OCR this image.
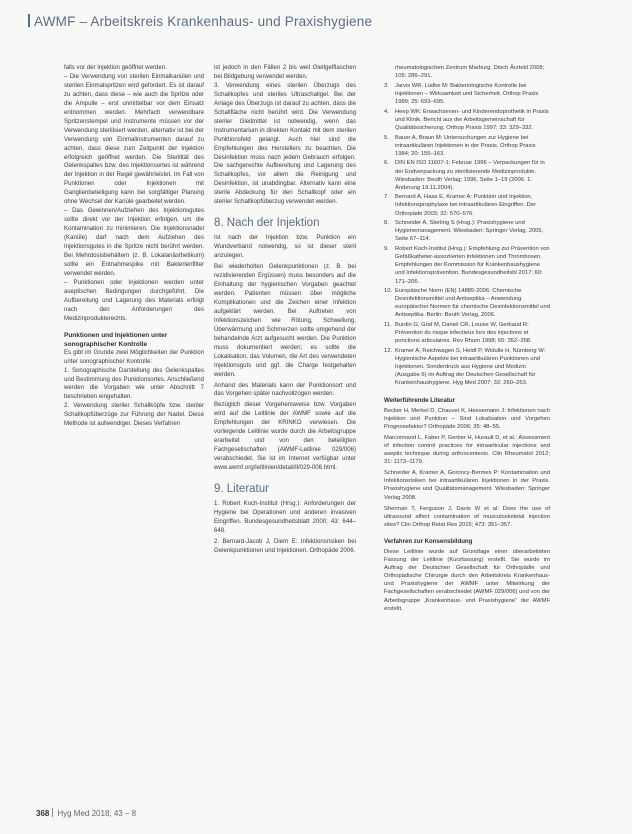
AWMF – Arbeitskreis Krankenhaus- und Praxishygiene

falls vor der Injektion geöffnet werden.

– Die Verwendung von sterilen Einmalkanülen und sterilen Einmalspritzen wird gefordert. Es ist darauf zu achten, dass diese – wie auch die Spritze oder die Ampulle – erst unmittelbar vor dem Einsatz entnommen werden. Mehrfach verwendbare Spritzenstempel und Instrumente müssen vor der Verwendung sterilisiert werden, alternativ ist bei der Verwendung von Einmalinstrumenten darauf zu achten, dass diese zum Zeitpunkt der Injektion erfolgreich geöffnet werden. Die Sterilität des Gelenkspaltes bzw. des Injektionsortes ist während der Injektion in der Regel gewährleistet. Im Fall von Punktionen oder Injektionen mit Ganglienbeteiligung kann bei sorgfältiger Planung ohne Wechsel der Kanüle gearbeitet werden.

– Das Gewinnen/Aufziehen des Injektionsgutes sollte direkt vor der Injektion erfolgen, um die Kontamination zu minimieren. Die Injektionsnadel (Kanüle) darf nach dem Aufziehen des Injektionsgutes in die Spritze nicht berührt werden. Bei Mehrdosisbehältern (z. B. Lokalanästhetikum) sollte ein Entnahmespike mit Bakterienfilter verwendet werden.

– Punktionen oder Injektionen werden unter aseptischen Bedingungen durchgeführt. Die Aufbereitung und Lagerung des Materials erfolgt nach den Anforderungen des Medizinprodukterechts.

Punktionen und Injektionen unter sonographischer Kontrolle

Es gibt im Grunde zwei Möglichkeiten der Punktion unter sonographischer Kontrolle:

1. Sonographische Darstellung des Gelenkspaltes und Bestimmung des Punktionsortes. Anschließend werden die Vorgaben wie unter Abschnitt 7 beschrieben eingehalten.

2. Verwendung steriler Schallköpfe bzw. steriler Schallkopfüberzüge zur Führung der Nadel. Diese Methode ist aufwendiger. Dieses Verfahren

ist jedoch in den Fällen 2 bis weil Gleitgelflaschen bei Bildgebung verwendet werden.

3. Verwendung eines sterilen Überzugs des Schallkopfes und steriles Ultraschallgel. Bei der Anlage des Überzugs ist darauf zu achten, dass die Schallfläche nicht berührt wird. Die Verwendung steriler Gleitmittel ist notwendig, wenn das Instrumentarium in direkten Kontakt mit dem sterilen Punktionsfeld gelangt. Auch hier sind die Empfehlungen des Herstellers zu beachten. Die Desinfektion muss nach jedem Gebrauch erfolgen. Die sachgerechte Aufbereitung und Lagerung des Schallkopfes, vor allem die Reinigung und Desinfektion, ist unabdingbar. Alternativ kann eine sterile Abdeckung für den Schallkopf oder ein steriler Schallkopfüberzug verwendet werden.

8. Nach der Injektion

Ist nach der Injektion bzw. Punktion ein Wundverband notwendig, so ist dieser steril anzulegen.

Bei wiederholten Gelenkpunktionen (z. B. bei rezidivierenden Ergüssen) muss besonders auf die Einhaltung der hygienischen Vorgaben geachtet werden. Patienten müssen über mögliche Komplikationen und die Zeichen einer Infektion aufgeklärt werden. Bei Auftreten von Infektionszeichen wie Rötung, Schwellung, Überwärmung und Schmerzen sollte umgehend der behandelnde Arzt aufgesucht werden. Die Punktion muss dokumentiert werden; es sollte die Lokalisation, das Volumen, die Art des verwendeten Injektionsguts und ggf. die Charge festgehalten werden.

Anhand des Materials kann der Punktionsort und das Vorgehen später nachvollzogen werden.

Bezüglich dieser Vorgehensweise bzw. Vorgaben wird auf die Leitlinie der AWMF sowie auf die Empfehlungen der KRINKO verwiesen. Die vorliegende Leitlinie wurde durch die Arbeitsgruppe erarbeitet und von den beteiligten Fachgesellschaften (AWMF-Leitlinie 029/006) verabschiedet. Sie ist im Internet verfügbar unter www.awmf.org/leitlinien/detail/ll/029-006.html.

9. Literatur

1. Robert Koch-Institut (Hrsg.): Anforderungen der Hygiene bei Operationen und anderen invasiven Eingriffen. Bundesgesundheitsblatt 2000; 43: 644–648.

2. Bernard-Jacob J, Diem E: Infektionsrisiken bei Gelenkpunktionen und Injektionen. Orthopäde 2006.

rheumatologischen Zentrum Marburg. Dtsch Ärztebl 2008; 105: 286–291.
3.	Jarvis WR, Lüdke M: Bakteriologische Kontrolle bei Injektionen – Wirksamkeit und Sicherheit. Orthop Praxis 1989; 25: 693–695.
4.	Heep WK: Erwachsenen- und Kinderendoprothetik in Praxis und Klinik. Bericht aus der Arbeitsgemeinschaft für Qualitätssicherung. Orthop Praxis 1997; 33: 329–332.
5.	Bauer A, Braun M: Untersuchungen zur Hygiene bei intraartikulären Injektionen in der Praxis. Orthop Praxis 1984; 20: 155–163.
6.	DIN EN ISO 11607-1: Februar 1996 – Verpackungen für in der Endverpackung zu sterilisierende Medizinprodukte. Wiesbaden: Beuth Verlag; 1996, Seite 1–19 (2006. 1. Änderung 19.11.2004).
7.	Bernard A, Haas E, Kramer A: Punktion und Injektion, Infektionsprophylaxe bei intraartikulären Eingriffen. Der Orthopäde 2003; 32: 570–576.
8.	Schneider A, Sterling S (Hrsg.): Praxishygiene und Hygienemanagement. Wiesbaden: Springer Verlag, 2005, Seite 67–114.
9.	Robert Koch-Institut (Hrsg.): Empfehlung zur Prävention von Gefäßkatheter-assoziierten Infektionen und Thrombosen. Empfehlungen der Kommission für Krankenhaushygiene und Infektionsprävention. Bundesgesundheitsbl 2017; 60: 171–206.
10. Europäische Norm (EN) 14885-2006: Chemische Desinfektionsmittel und Antiseptika – Anwendung europäischer Normen für chemische Desinfektionsmittel und Antiseptika. Berlin: Beuth Verlag, 2006.
11. Burdin G, Graf M, Daniel CR, Louise W, Gerbaud R: Prévention du risque infectieux lors des injections et ponctions articulaires. Rev Rhum 1998; 65: 352–358.
12. Kramer A, Reichwagen S, Heldt P, Widulle H, Nürnberg W: Hygienische Aspekte bei intraartikulären Punktionen und Injektionen. Sonderdruck aus Hygiene und Medizin (Ausgabe 6) im Auftrag der Deutschen Gesellschaft für Krankenhaushygiene. Hyg Med 2007; 32: 260–263.
Weiterführende Literatur

Becker H, Merkel D, Chauvet K, Heesemann J: Infektionen nach Injektion und Punktion – Sind Lokalisation und Vorgehen Prognosefaktor? Orthopäde 2006; 35: 48–55.

Marconnand L, Faber P, Gerber H, Hurault D, et al.: Assessment of infection control practices for intraarticular injections and aseptic technique during arthrocentesis. Clin Rheumatol 2012; 31: 1173–1179.

Schneider A, Kramer A, Goroncy-Bermes P: Kontamination und Infektionsrisiken bei intraartikulären Injektionen in der Praxis. Praxishygiene und Qualitätsmanagement. Wiesbaden: Springer Verlag 2008.

Sherman T, Ferguson J, Davis W et al: Does the use of ultrasound affect contamination of musculoskeletal injection sites? Clin Orthop Relat Res 2015; 473: 351–357.

Verfahren zur Konsensbildung

Diese Leitlinie wurde auf Grundlage einer überarbeiteten Fassung der Leitlinie (Kurzfassung) erstellt. Sie wurde im Auftrag der Deutschen Gesellschaft für Orthopädie und Orthopädische Chirurgie durch den Arbeitskreis Krankenhaus- und Praxishygiene der AWMF unter Mitwirkung der Fachgesellschaften verabschiedet (AWMF 029/006) und von der Arbeitsgruppe „Krankenhaus- und Praxishygiene“ der AWMF erstellt.

368 Hyg Med 2018; 43 – 8
